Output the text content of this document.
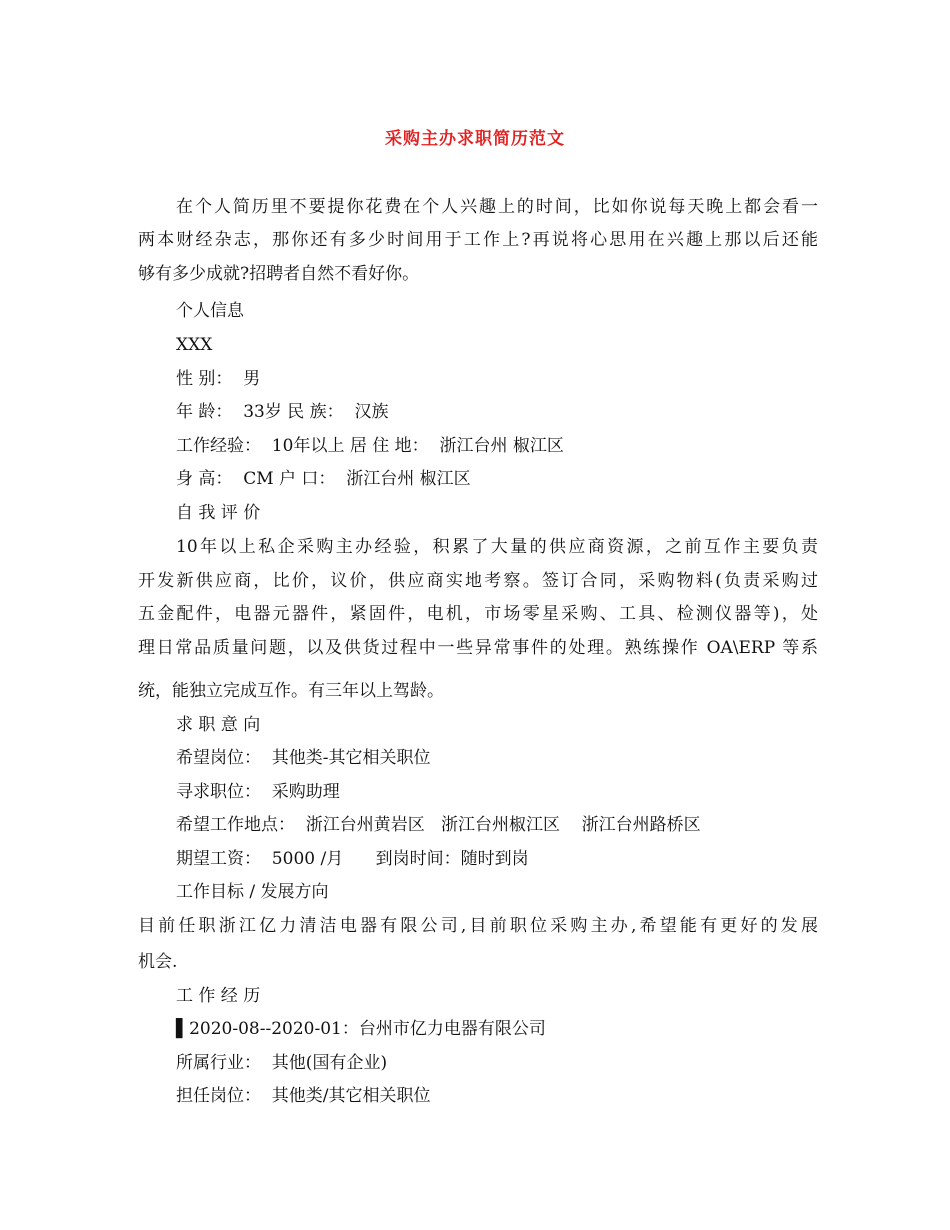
采购主办求职简历范文
在个人简历里不要提你花费在个人兴趣上的时间，比如你说每天晚上都会看一
两本财经杂志，那你还有多少时间用于工作上?再说将心思用在兴趣上那以后还能
够有多少成就?招聘者自然不看好你。
个人信息
XXX
性 别：  男
年 龄：  33岁 民 族：  汉族
工作经验：  10年以上 居 住 地：  浙江台州 椒江区
身 高：  CM 户 口：  浙江台州 椒江区
自 我 评 价
10年以上私企采购主办经验，积累了大量的供应商资源，之前互作主要负责
开发新供应商，比价，议价，供应商实地考察。签订合同，采购物料(负责采购过
五金配件，电器元器件，紧固件，电机，市场零星采购、工具、检测仪器等)，处
理日常品质量问题，以及供货过程中一些异常事件的处理。熟练操作 OA\ERP 等系
统，能独立完成互作。有三年以上驾龄。
求 职 意 向
希望岗位：  其他类-其它相关职位
寻求职位：  采购助理
希望工作地点：  浙江台州黄岩区   浙江台州椒江区    浙江台州路桥区
期望工资：  5000 /月      到岗时间：随时到岗
工作目标 / 发展方向
目前任职浙江亿力清洁电器有限公司,目前职位采购主办,希望能有更好的发展
机会.
工 作 经 历
▌2020-08--2020-01：台州市亿力电器有限公司
所属行业：  其他(国有企业)
担任岗位：  其他类/其它相关职位
